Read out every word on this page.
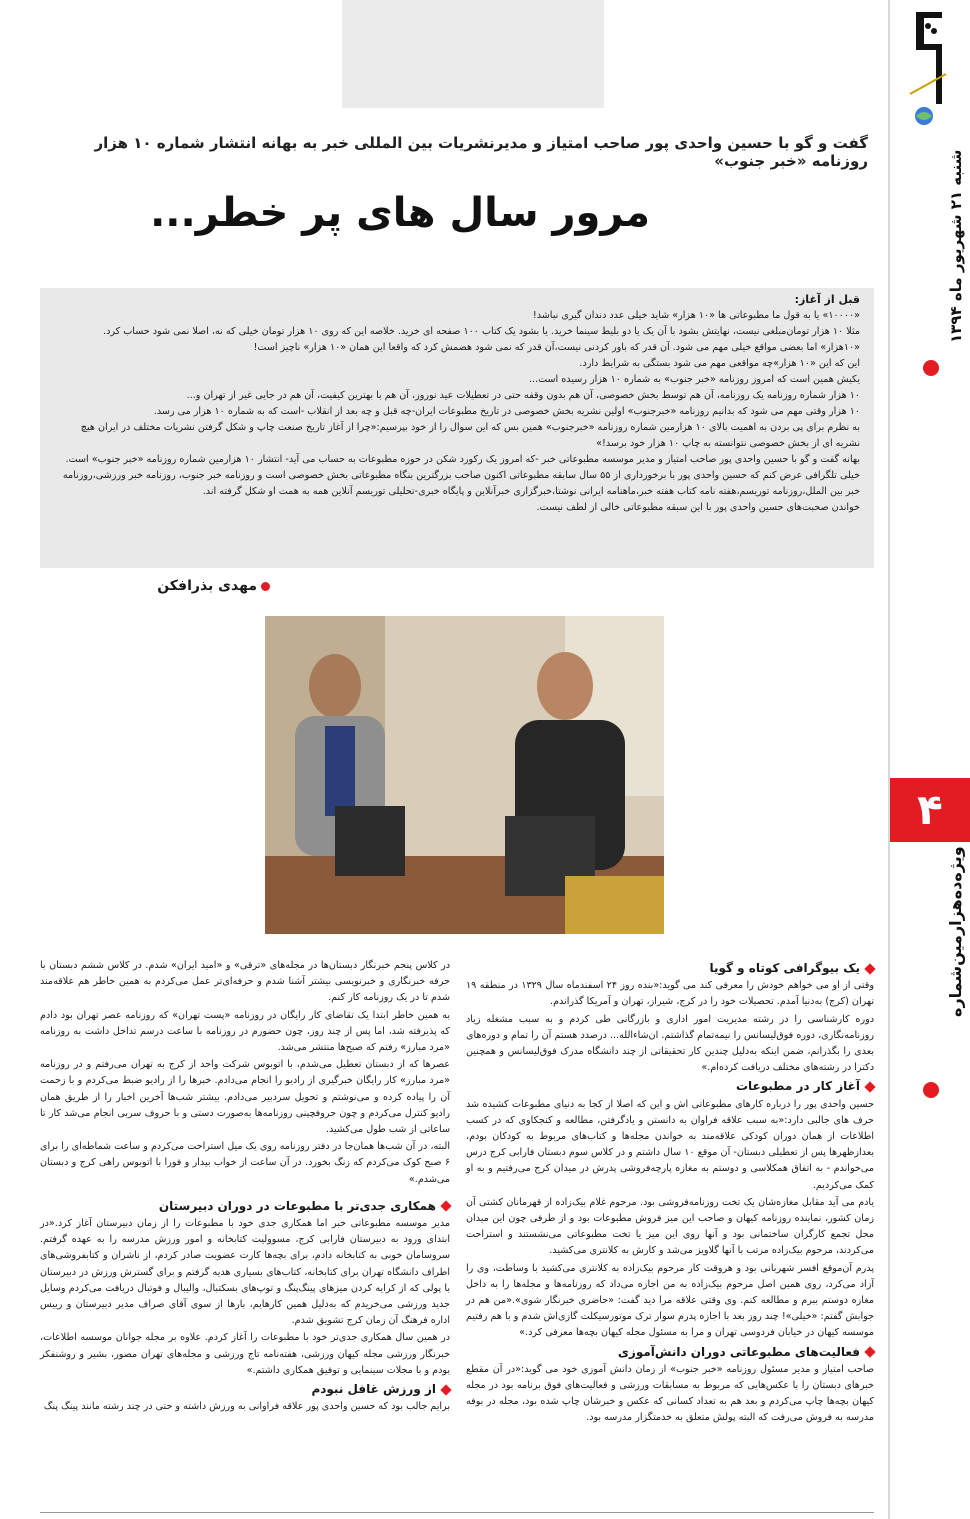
شنبه ۲۱ شهریور ماه ۱۳۹۴
۴
ویژه‌ده‌هزارمین‌شماره
گفت و گو با حسین واحدی پور صاحب امتیاز و مدیرنشریات بین المللی خبر به بهانه انتشار شماره ۱۰ هزار روزنامه «خبر جنوب»
مرور سال های پر خطر...
قبل از آغاز:
«۱۰۰۰۰» یا به قول ما مطبوعاتی ها «۱۰ هزار» شاید خیلی عدد دندان گیری نباشد!
مثلا ۱۰ هزار تومان‌مبلغی نیست، نهایتش بشود با آن یک یا دو بلیط سینما خرید. یا بشود یک کتاب ۱۰۰ صفحه ای خرید. خلاصه این که روی ۱۰ هزار تومان خیلی که نه، اصلا نمی شود حساب کرد.
«۱۰هزار» اما بعضی مواقع خیلی مهم می شود. آن قدر که باور کردنی نیست،آن قدر که نمی شود هضمش کرد که واقعا این همان «۱۰ هزار» ناچیز است!
این که این «۱۰ هزار»چه مواقعی مهم می شود بستگی به شرایط دارد.
یکیش همین است که امروز روزنامه «خبر جنوب» به شماره ۱۰ هزار رسیده است...
۱۰ هزار شماره روزنامه یک روزنامه، آن هم توسط بخش خصوصی، آن هم بدون وقفه حتی در تعطیلات عید نوروز، آن هم با بهترین کیفیت، آن هم در جایی غیر از تهران و...
۱۰ هزار وقتی مهم می شود که بدانیم روزنامه «خبرجنوب» اولین نشریه بخش خصوصی در تاریخ مطبوعات ایران-چه قبل و چه بعد از انقلاب -است که به شماره ۱۰ هزار می رسد.
به نظرم برای پی بردن به اهمیت بالای ۱۰ هزارمین شماره روزنامه «خبرجنوب» همین بس که این سوال را از خود بپرسیم:«چرا از آغاز تاریخ صنعت چاپ و شکل گرفتن نشریات مختلف در ایران هیچ نشریه ای از بخش خصوصی نتوانسته به چاپ ۱۰ هزار خود برسد!»
بهانه گفت و گو با حسین واحدی پور صاحب امتیاز و مدیر موسسه مطبوعاتی خبر -که امروز یک رکورد شکن در حوزه مطبوعات به حساب می آید- انتشار ۱۰ هزارمین شماره روزنامه «خبر جنوب» است.
خیلی تلگرافی عرض کنم که حسین واحدی پور با برخورداری از ۵۵ سال سابقه مطبوعاتی اکنون صاحب بزرگترین بنگاه مطبوعاتی بخش خصوصی است و روزنامه خبر جنوب، روزنامه خبر ورزشی،روزنامه خبر بین الملل،روزنامه توریسم،هفته نامه کتاب هفته خبر،ماهنامه ایرانی نوشتا،خبرگزاری خبرآنلاین و پایگاه خبری-تحلیلی توریسم آنلاین همه به همت او شکل گرفته اند.
خواندن صحبت‌های حسین واحدی پور با این سبقه مطبوعاتی خالی از لطف نیست.
مهدی بذرافکن
یک بیوگرافی کوتاه و گویا

وقتی از او می خواهم خودش را معرفی کند می گوید:«بنده روز ۲۴ اسفندماه سال ۱۳۲۹ در منطقه ۱۹ تهران (کرج) به‌دنیا آمدم. تحصیلات خود را در کرج، شیراز، تهران و آمریکا گذراندم.

دوره کارشناسی را در رشته مدیریت امور اداری و بازرگانی طی کردم و به سبب مشغله زیاد روزنامه‌نگاری، دوره فوق‌لیسانس را نیمه‌تمام گذاشتم. ان‌شاءالله... درصدد هستم آن را تمام و دوره‌های بعدی را بگذرانم، ضمن اینکه به‌دلیل چندین کار تحقیقاتی از چند دانشگاه مدرک فوق‌لیسانس و همچنین دکترا در رشته‌های مختلف دریافت کرده‌ام.»

آغاز کار در مطبوعات

حسین واحدی پور را درباره کارهای مطبوعاتی اش و این که اصلا از کجا به دنیای مطبوعات کشیده شد حرف های جالبی دارد:«به سبب علاقه فراوان به دانستن و یادگرفتن، مطالعه و کنجکاوی که در کسب اطلاعات از همان دوران کودکی علاقه‌مند به خواندن مجله‌ها و کتاب‌های مربوط به کودکان بودم، بعدازظهرها پس از تعطیلی دبستان- آن موقع ۱۰ سال داشتم و در کلاس سوم دبستان فارابی کرج درس می‌خواندم - به اتفاق همکلاسی و دوستم به مغازه پارچه‌فروشی پدرش در میدان کرج می‌رفتیم و به او کمک می‌کردیم.

یادم می آید مقابل مغازه‌شان یک تخت روزنامه‌فروشی بود. مرحوم غلام بیک‌زاده از قهرمانان کشتی آن زمان کشور، نماینده روزنامه کیهان و صاحب این میز فروش مطبوعات بود و از طرفی چون این میدان محل تجمع کارگران ساختمانی بود و آنها روی این میز یا تخت مطبوعاتی می‌نشستند و استراحت می‌کردند، مرحوم بیک‌زاده مرتب با آنها گلاویز می‌شد و کارش به کلانتری می‌کشید.

پدرم آن‌موقع افسر شهربانی بود و هروقت کار مرحوم بیک‌زاده به کلانتری می‌کشید با وساطت، وی را آزاد می‌کرد، روی همین اصل مرحوم بیک‌زاده به من اجازه می‌داد که روزنامه‌ها و مجله‌ها را به داخل مغازه دوستم ببرم و مطالعه کنم. وی وقتی علاقه مرا دید گفت: «حاضری خبرنگار شوی».«من هم در جوابش گفتم: «خیلی»! چند روز بعد با اجازه پدرم سوار ترک موتورسیکلت گازی‌اش شدم و با هم رفتیم موسسه کیهان در خیابان فردوسی تهران و مرا به مسئول مجله کیهان بچه‌ها معرفی کرد.»

فعالیت‌های مطبوعاتی دوران دانش‌آموزی

صاحب امتیاز و مدیر مسئول روزنامه «خبر جنوب» از زمان دانش آموزی خود می گوید:«در آن مقطع خبرهای دبستان را با عکس‌هایی که مربوط به مسابقات ورزشی و فعالیت‌های فوق برنامه بود در مجله کیهان بچه‌ها چاپ می‌کردم و بعد هم به تعداد کسانی که عکس و خبرشان چاپ شده بود، مجله در بوفه مدرسه به فروش می‌رفت که البته پولش متعلق به خدمتگزار مدرسه بود.

در کلاس پنجم خبرنگار دبستان‌ها در مجله‌های «ترقی» و «امید ایران» شدم. در کلاس ششم دبستان با حرفه خبرنگاری و خبرنویسی بیشتر آشنا شدم و حرفه‌ای‌تر عمل می‌کردم به همین خاطر هم علاقه‌مند شدم تا در یک روزنامه کار کنم.

به همین خاطر ابتدا یک تقاضای کار رایگان در روزنامه «پست تهران» که روزنامه عصر تهران بود دادم که پذیرفته شد، اما پس از چند روز، چون حضورم در روزنامه با ساعت درسم تداخل داشت به روزنامه «مرد مبارز» رفتم که صبح‌ها منتشر می‌شد.

عصرها که از دبستان تعطیل می‌شدم، با اتوبوس شرکت واحد از کرج به تهران می‌رفتم و در روزنامه «مرد مبارز» کار رایگان خبرگیری از رادیو را انجام می‌دادم. خبرها را از رادیو ضبط می‌کردم و با زحمت آن را پیاده کرده و می‌نوشتم و تحویل سردبیر می‌دادم. بیشتر شب‌ها آخرین اخبار را از طریق همان رادیو کنترل می‌کردم و چون حروفچینی روزنامه‌ها به‌صورت دستی و با حروف سربی انجام می‌شد کار تا ساعاتی از شب طول می‌کشید.

البته، در آن شب‌ها همان‌جا در دفتر روزنامه روی یک میل استراحت می‌کردم و ساعت شماطه‌ای را برای ۶ صبح کوک می‌کردم که زنگ بخورد. در آن ساعت از خواب بیدار و فورا با اتوبوس راهی کرج و دبستان می‌شدم.»

همکاری جدی‌تر با مطبوعات در دوران دبیرستان

مدیر موسسه مطبوعاتی خبر اما همکاری جدی خود با مطبوعات را از زمان دبیرستان آغاز کرد.«در ابتدای ورود به دبیرستان فارابی کرج، مسوولیت کتابخانه و امور ورزش مدرسه را به عهده گرفتم. سروسامان خوبی به کتابخانه دادم، برای بچه‌ها کارت عضویت صادر کردم، از ناشران و کتابفروشی‌های اطراف دانشگاه تهران برای کتابخانه، کتاب‌های بسیاری هدیه گرفتم و برای گسترش ورزش در دبیرستان با پولی که از کرایه کردن میزهای پینگ‌پنگ و توپ‌های بسکتبال، والیبال و فوتبال دریافت می‌کردم وسایل جدید ورزشی می‌خریدم که به‌دلیل همین کارهایم، بارها از سوی آقای صراف مدیر دبیرستان و رییس اداره فرهنگ آن زمان کرج تشویق شدم.

در همین سال همکاری جدی‌تر خود با مطبوعات را آغاز کردم. علاوه بر مجله جوانان موسسه اطلاعات، خبرنگار ورزشی مجله کیهان ورزشی، هفته‌نامه تاج ورزشی و مجله‌های تهران مصور، بشیر و روشنفکر بودم و با مجلات سینمایی و توفیق همکاری داشتم.»

از ورزش غافل نبودم

برایم جالب بود که حسین واحدی پور علاقه فراوانی به ورزش داشته و حتی در چند رشته مانند پینگ پنگ
